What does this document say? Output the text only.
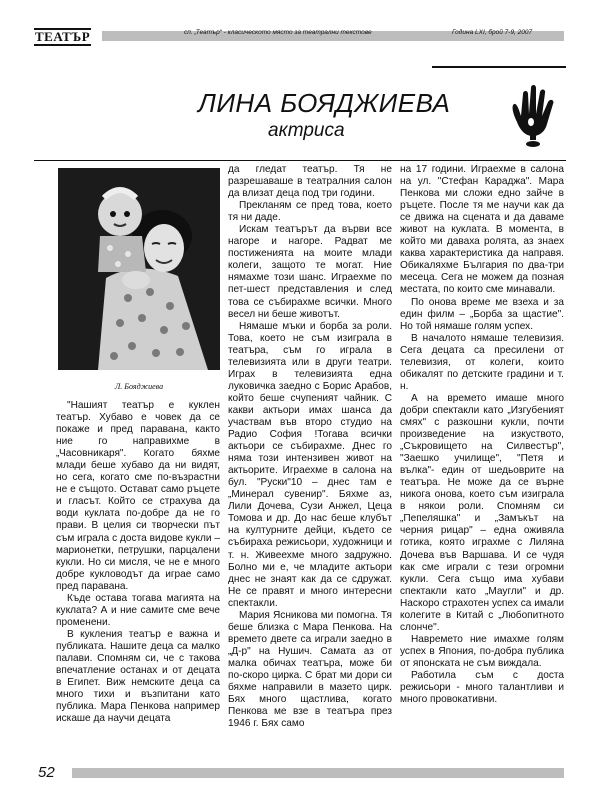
ТЕАТЪР	сп. „Театър“ - класическото място за театрални текстове	Година LXI, брой 7-9, 2007
ЛИНА БОЯДЖИЕВА
актриса
Л. Бояджиева

"Нашият театър е куклен театър. Хубаво е човек да се покаже и пред паравана, както ние го направихме в „Часовникаря". Когато бяхме млади беше хубаво да ни видят, но сега, когато сме по-възрастни не е същото. Остават само ръцете и гласът. Който се страхува да води куклата по-добре да не го прави. В целия си творчески път съм играла с доста видове кукли – марионетки, петрушки, парцалени кукли. Но си мисля, че не е много добре кукловодът да играе само пред паравана.

Къде остава тогава магията на куклата? А и ние самите сме вече променени.

В кукления театър е важна и публиката. Нашите деца са малко палави. Спомням си, че с такова впечатление останах и от децата в Египет. Виж немските деца са много тихи и възпитани като публика. Мара Пенкова например искаше да научи децата

да гледат театър. Тя не разрешаваше в театралния салон да влизат деца под три години.

Прекланям се пред това, което тя ни даде.

Искам театърът да върви все нагоре и нагоре. Радват ме постиженията на моите млади колеги, защото те могат. Ние нямахме този шанс. Играехме по пет-шест представления и след това се събирахме всички. Много весел ни беше животът.

Нямаше мъки и борба за роли. Това, което не съм изиграла в театъра, съм го играла в телевизията или в други театри. Играх в телевизията една луковичка заедно с Борис Арабов, който беше счупеният чайник. С какви актьори имах шанса да участвам във второ студио на Радио София !Тогава всички актьори се събирахме. Днес го няма този интензивен живот на актьорите. Играехме в салона на бул. "Руски"10 – днес там е „Минерал сувенир". Бяхме аз, Лили Дочева, Сузи Анжел, Цеца Томова и др. До нас беше клубът на културните дейци, където се събираха режисьори, художници и т. н. Живеехме много задружно. Болно ми е, че младите актьори днес не знаят как да се сдружат. Не се правят и много интересни спектакли.

Мария Ясникова ми помогна. Тя беше близка с Мара Пенкова. На времето двете са играли заедно в „Д-р" на Нушич. Самата аз от малка обичах театъра, може би по-скоро цирка. С брат ми дори си бяхме направили в мазето цирк. Бях много щастлива, когато Пенкова ме взе в театъра през 1946 г. Бях само

на 17 години. Играехме в салона на ул. "Стефан Караджа". Мара Пенкова ми сложи едно зайче в ръцете. После тя ме научи как да се движа на сцената и да даваме живот на куклата. В момента, в който ми даваха ролята, аз знаех каква характеристика да направя. Обикаляхме България по два-три месеца. Сега не можем да позная местата, по които сме минавали.

По онова време ме взеха и за един филм – „Борба за щастие". Но той нямаше голям успех.

В началото нямаше телевизия. Сега децата са пресилени от телевизия, от колеги, които обикалят по детските градини и т. н.

А на времето имаше много добри спектакли като „Изгубеният смях" с разкошни кукли, почти произведение на изкуството, „Съкровището на Силвестър", "Заешко училище", "Петя и вълка"- един от шедьоврите на театъра. Не може да се върне никога онова, което съм изиграла в някои роли. Спомням си „Пепеляшка" и „Замъкът на черния рицар" – една оживяла готика, която играхме с Лиляна Дочева във Варшава. И се чудя как сме играли с тези огромни кукли. Сега също има хубави спектакли като „Маугли" и др. Наскоро страхотен успех са имали колегите в Китай с „Любопитното слонче".

Навремето ние имахме голям успех в Япония, по-добра публика от японската не съм виждала.

Работила съм с доста режисьори - много талантливи и много провокативни.

52
